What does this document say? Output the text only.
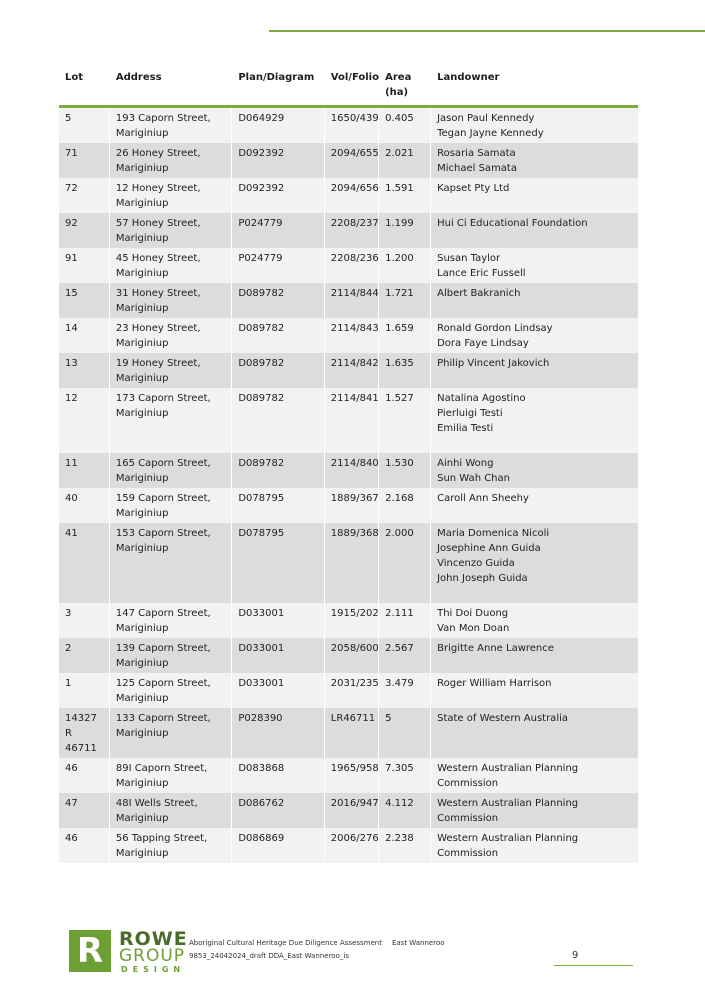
Lot	Address	Plan/Diagram	Vol/Folio	Area (ha)	Landowner
5	193 Caporn Street, Mariginiup	D064929	1650/439	0.405	Jason Paul Kennedy
Tegan Jayne Kennedy

71	26 Honey Street, Mariginiup	D092392	2094/655	2.021	Rosaria Samata
Michael Samata

72	12 Honey Street, Mariginiup	D092392	2094/656	1.591	Kapset Pty Ltd

92	57 Honey Street, Mariginiup	P024779	2208/237	1.199	Hui Ci Educational Foundation

91	45 Honey Street, Mariginiup	P024779	2208/236	1.200	Susan Taylor
Lance Eric Fussell

15	31 Honey Street, Mariginiup	D089782	2114/844	1.721	Albert Bakranich

14	23 Honey Street, Mariginiup	D089782	2114/843	1.659	Ronald Gordon Lindsay
Dora Faye Lindsay

13	19 Honey Street, Mariginiup	D089782	2114/842	1.635	Philip Vincent Jakovich

12	173 Caporn Street, Mariginiup	D089782	2114/841	1.527	Natalina Agostino
Pierluigi Testi
Emilia Testi

11	165 Caporn Street, Mariginiup	D089782	2114/840	1.530	Ainhi Wong
Sun Wah Chan

40	159 Caporn Street, Mariginiup	D078795	1889/367	2.168	Caroll Ann Sheehy

41	153 Caporn Street, Mariginiup	D078795	1889/368	2.000	Maria Domenica Nicoli
Josephine Ann Guida
Vincenzo Guida
John Joseph Guida

3	147 Caporn Street, Mariginiup	D033001	1915/202	2.111	Thi Doi Duong
Van Mon Doan

2	139 Caporn Street, Mariginiup	D033001	2058/600	2.567	Brigitte Anne Lawrence

1	125 Caporn Street, Mariginiup	D033001	2031/235	3.479	Roger William Harrison

14327 R 46711	133 Caporn Street, Mariginiup	P028390	LR46711	5	State of Western Australia

46	89I Caporn Street, Mariginiup	D083868	1965/958	7.305	Western Australian Planning Commission

47	48I Wells Street, Mariginiup	D086762	2016/947	4.112	Western Australian Planning Commission

46	56 Tapping Street, Mariginiup	D086869	2006/276	2.238	Western Australian Planning Commission
R ROWE
GROUP
DESIGN
Aboriginal Cultural Heritage Due Diligence Assessment East Wanneroo
9853_24042024_draft DDA_East Wanneroo_is	9
